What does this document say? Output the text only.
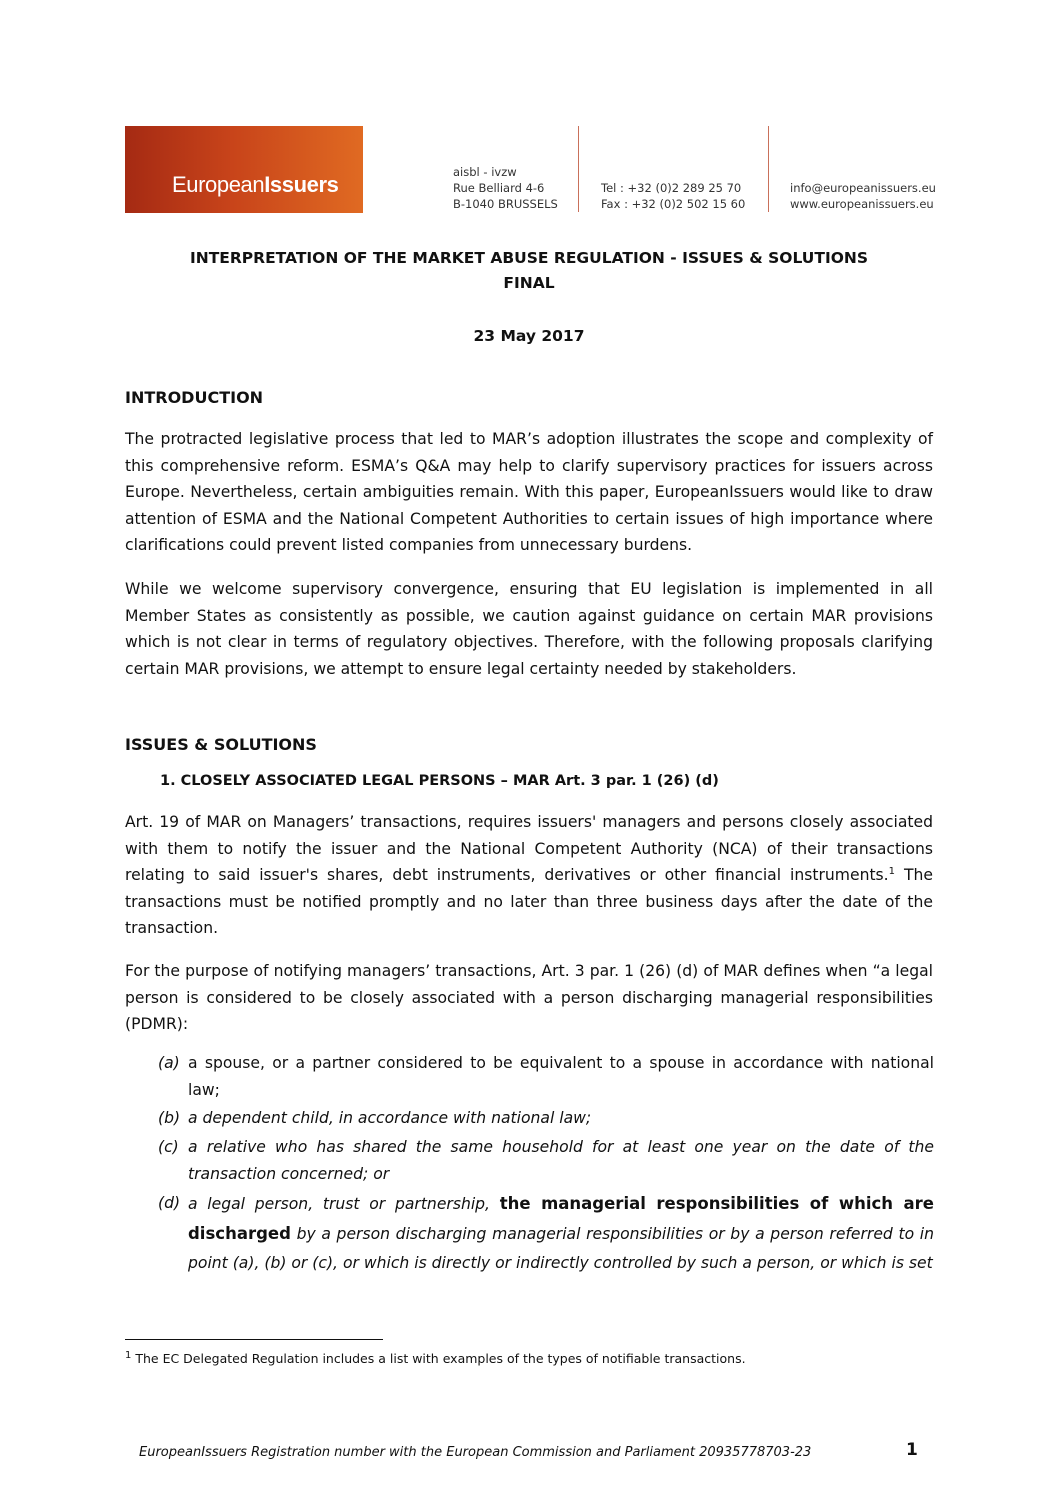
EuropeanIssuers	aisbl - ivzw
Rue Belliard 4-6
B-1040 BRUSSELS
Tel : +32 (0)2 289 25 70
Fax : +32 (0)2 502 15 60
info@europeanissuers.eu
www.europeanissuers.eu
INTERPRETATION OF THE MARKET ABUSE REGULATION - ISSUES & SOLUTIONS
FINAL
23 May 2017
INTRODUCTION
The protracted legislative process that led to MAR’s adoption illustrates the scope and complexity of this comprehensive reform. ESMA’s Q&A may help to clarify supervisory practices for issuers across Europe. Nevertheless, certain ambiguities remain. With this paper, EuropeanIssuers would like to draw attention of ESMA and the National Competent Authorities to certain issues of high importance where clarifications could prevent listed companies from unnecessary burdens.
While we welcome supervisory convergence, ensuring that EU legislation is implemented in all Member States as consistently as possible, we caution against guidance on certain MAR provisions which is not clear in terms of regulatory objectives. Therefore, with the following proposals clarifying certain MAR provisions, we attempt to ensure legal certainty needed by stakeholders.
ISSUES & SOLUTIONS
1. CLOSELY ASSOCIATED LEGAL PERSONS – MAR Art. 3 par. 1 (26) (d)
Art. 19 of MAR on Managers’ transactions, requires issuers' managers and persons closely associated with them to notify the issuer and the National Competent Authority (NCA) of their transactions relating to said issuer's shares, debt instruments, derivatives or other financial instruments.$^1$ The transactions must be notified promptly and no later than three business days after the date of the transaction.
For the purpose of notifying managers’ transactions, Art. 3 par. 1 (26) (d) of MAR defines when “a legal person is considered to be closely associated with a person discharging managerial responsibilities (PDMR):
(a) a spouse, or a partner considered to be equivalent to a spouse in accordance with national law;
(b) a dependent child, in accordance with national law;
(c) a relative who has shared the same household for at least one year on the date of the transaction concerned; or
(d) a legal person, trust or partnership, the managerial responsibilities of which are discharged by a person discharging managerial responsibilities or by a person referred to in point (a), (b) or (c), or which is directly or indirectly controlled by such a person, or which is set
$^1$ The EC Delegated Regulation includes a list with examples of the types of notifiable transactions.
EuropeanIssuers Registration number with the European Commission and Parliament 20935778703-23	1
